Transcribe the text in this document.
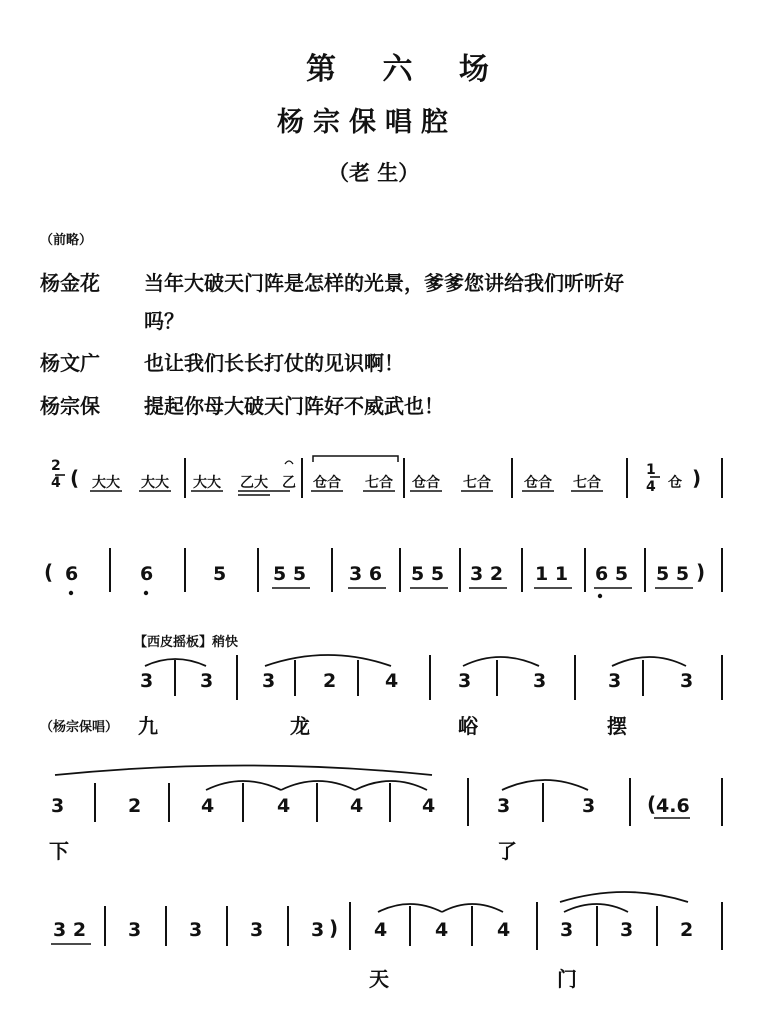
第 六 场
杨宗保唱腔
（老 生）
（前略）
杨金花 当年大破天门阵是怎样的光景，爹爹您讲给我们听听好
吗？
杨文广 也让我们长长打仗的见识啊！
杨宗保 提起你母大破天门阵好不威武也！
2
4 ( 大大 大大 大大 乙大 乙 仓合 七合 仓合 七合 仓合 七合
1
4 仓 )
( 6	6	5 5 5 3 6 5 5 3 2 1 1 6 5 5 5 )
【西皮摇板】稍快
3 3	3	2	4	3	3	3	3
（杨宗保唱） 九	龙	峪	摆
3	2	4	4	4	4	3	3	( 4.6
下	了
3 2 3	3	3	3 ) 4	4	4	3 3 2
天	门
